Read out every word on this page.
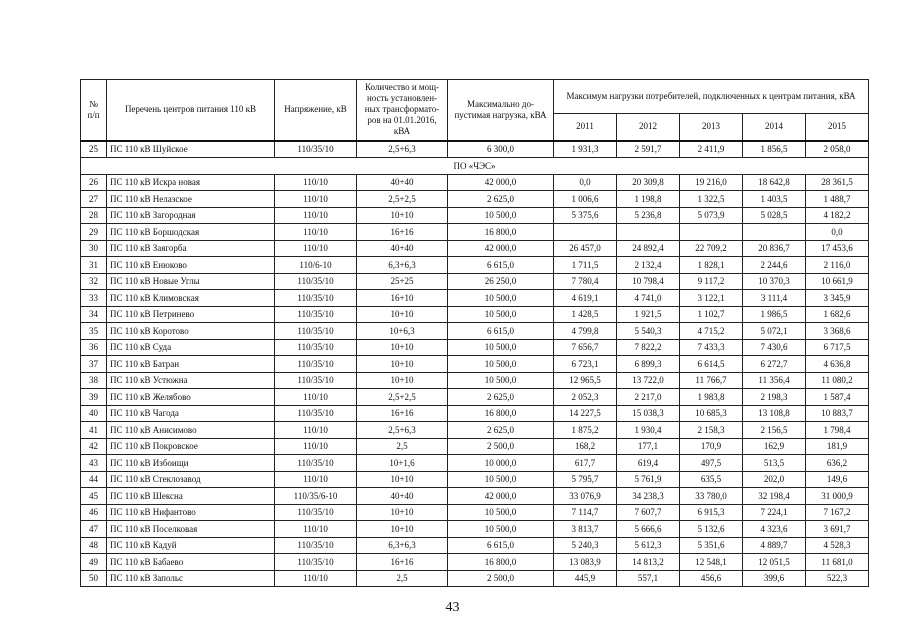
№
п/п	Перечень центров питания 110 кВ	Напряжение, кВ	Количество и мощ-ность установлен-ных трансформато-ров на 01.01.2016, кВА	Максимально до-пустимая нагрузка, кВА	Максимум нагрузки потребителей, подключенных к центрам питания, кВА				
					2011	2012	2013	2014	2015
25	ПС 110 кВ Шуйское	110/35/10	2,5+6,3	6 300,0	1 931,3	2 591,7	2 411,9	1 856,5	2 058,0
ПО «ЧЭС»									
26	ПС 110 кВ Искра новая	110/10	40+40	42 000,0	0,0	20 309,8	19 216,0	18 642,8	28 361,5
27	ПС 110 кВ Нелазское	110/10	2,5+2,5	2 625,0	1 006,6	1 198,8	1 322,5	1 403,5	1 488,7
28	ПС 110 кВ Загородная	110/10	10+10	10 500,0	5 375,6	5 236,8	5 073,9	5 028,5	4 182,2
29	ПС 110 кВ Боршодская	110/10	16+16	16 800,0					0,0
30	ПС 110 кВ Заягорба	110/10	40+40	42 000,0	26 457,0	24 892,4	22 709,2	20 836,7	17 453,6
31	ПС 110 кВ Енюково	110/6-10	6,3+6,3	6 615,0	1 711,5	2 132,4	1 828,1	2 244,6	2 116,0
32	ПС 110 кВ Новые Углы	110/35/10	25+25	26 250,0	7 780,4	10 798,4	9 117,2	10 370,3	10 661,9
33	ПС 110 кВ Климовская	110/35/10	16+10	10 500,0	4 619,1	4 741,0	3 122,1	3 111,4	3 345,9
34	ПС 110 кВ Петринево	110/35/10	10+10	10 500,0	1 428,5	1 921,5	1 102,7	1 986,5	1 682,6
35	ПС 110 кВ Коротово	110/35/10	10+6,3	6 615,0	4 799,8	5 540,3	4 715,2	5 072,1	3 368,6
36	ПС 110 кВ Суда	110/35/10	10+10	10 500,0	7 656,7	7 822,2	7 433,3	7 430,6	6 717,5
37	ПС 110 кВ Батран	110/35/10	10+10	10 500,0	6 723,1	6 899,3	6 614,5	6 272,7	4 636,8
38	ПС 110 кВ Устюжна	110/35/10	10+10	10 500,0	12 965,5	13 722,0	11 766,7	11 356,4	11 080,2
39	ПС 110 кВ Желябово	110/10	2,5+2,5	2 625,0	2 052,3	2 217,0	1 983,8	2 198,3	1 587,4
40	ПС 110 кВ Чагода	110/35/10	16+16	16 800,0	14 227,5	15 038,3	10 685,3	13 108,8	10 883,7
41	ПС 110 кВ Анисимово	110/10	2,5+6,3	2 625,0	1 875,2	1 930,4	2 158,3	2 156,5	1 798,4
42	ПС 110 кВ Покровское	110/10	2,5	2 500,0	168,2	177,1	170,9	162,9	181,9
43	ПС 110 кВ Избоищи	110/35/10	10+1,6	10 000,0	617,7	619,4	497,5	513,5	636,2
44	ПС 110 кВ Стеклозавод	110/10	10+10	10 500,0	5 795,7	5 761,9	635,5	202,0	149,6
45	ПС 110 кВ Шексна	110/35/6-10	40+40	42 000,0	33 076,9	34 238,3	33 780,0	32 198,4	31 000,9
46	ПС 110 кВ Нифантово	110/35/10	10+10	10 500,0	7 114,7	7 607,7	6 915,3	7 224,1	7 167,2
47	ПС 110 кВ Поселковая	110/10	10+10	10 500,0	3 813,7	5 666,6	5 132,6	4 323,6	3 691,7
48	ПС 110 кВ Кадуй	110/35/10	6,3+6,3	6 615,0	5 240,3	5 612,3	5 351,6	4 889,7	4 528,3
49	ПС 110 кВ Бабаево	110/35/10	16+16	16 800,0	13 083,9	14 813,2	12 548,1	12 051,5	11 681,0
50	ПС 110 кВ Запольс	110/10	2,5	2 500,0	445,9	557,1	456,6	399,6	522,3
43
